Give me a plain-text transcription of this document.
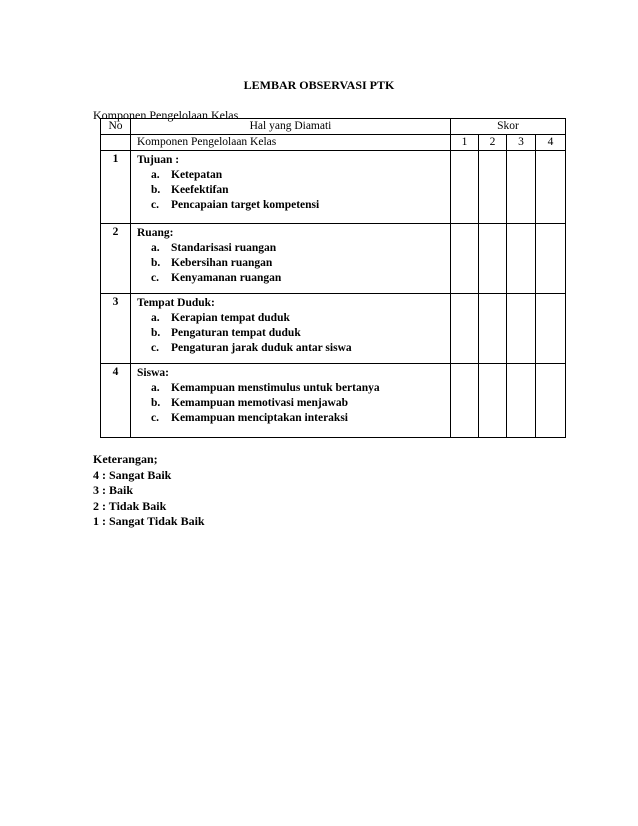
LEMBAR OBSERVASI PTK
Komponen Pengelolaan Kelas
No	Hal yang Diamati	Skor			
	Komponen Pengelolaan Kelas	1	2	3	4
1	Tujuan :
a. Ketepatan
b. Keefektifan
c. Pencapaian target kompetensi				

2	Ruang:
a. Standarisasi ruangan
b. Kebersihan ruangan
c. Kenyamanan ruangan				

3	Tempat Duduk:
a. Kerapian tempat duduk
b. Pengaturan tempat duduk
c. Pengaturan jarak duduk antar siswa				

4	Siswa:
a. Kemampuan menstimulus untuk bertanya
b. Kemampuan memotivasi menjawab
c. Kemampuan menciptakan interaksi				

Keterangan;
4 : Sangat Baik
3 : Baik
2 : Tidak Baik
1 : Sangat Tidak Baik
